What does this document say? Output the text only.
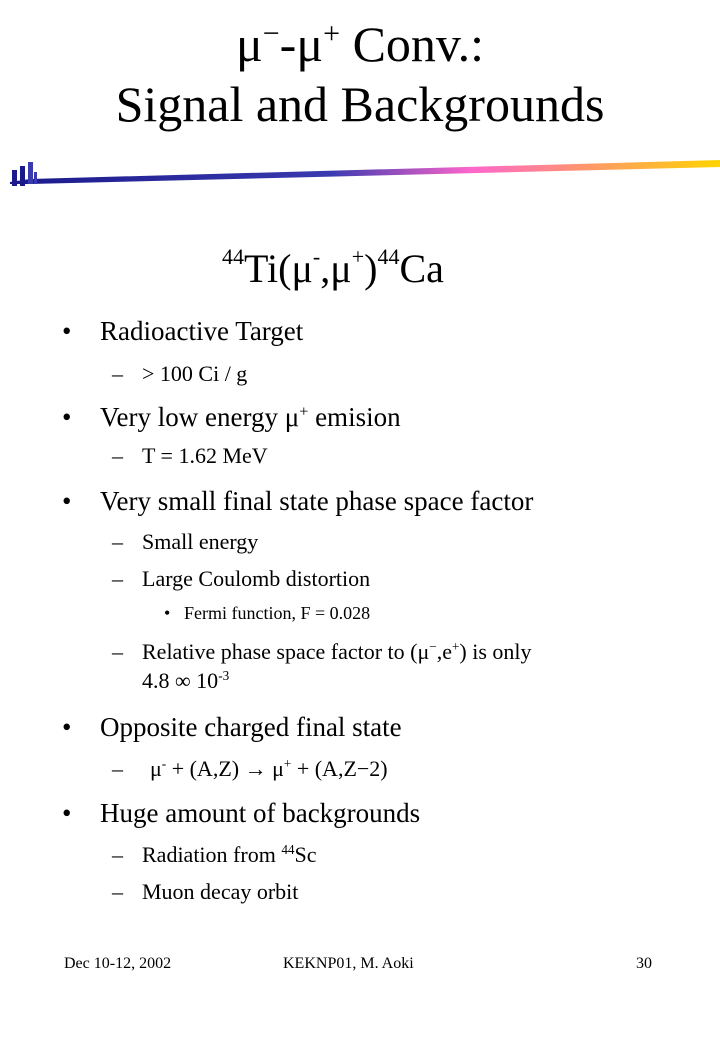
μ−-μ+ Conv.:
Signal and Backgrounds
$^{44}Ti(\mu^-,\mu^+)^{44}Ca$
• Radioactive Target
– > 100 Ci / g
• Very low energy μ+ emision
– T = 1.62 MeV
• Very small final state phase space factor
– Small energy
– Large Coulomb distortion
• Fermi function, F = 0.028
– Relative phase space factor to (μ−,e+) is only
4.8 ∞ $10^{-3}$
• Opposite charged final state
– μ- + (A,Z) → μ+ + (A,Z−2)
• Huge amount of backgrounds
– Radiation from $^{44}$Sc
– Muon decay orbit
Dec 10-12, 2002	KEKNP01, M. Aoki	30
